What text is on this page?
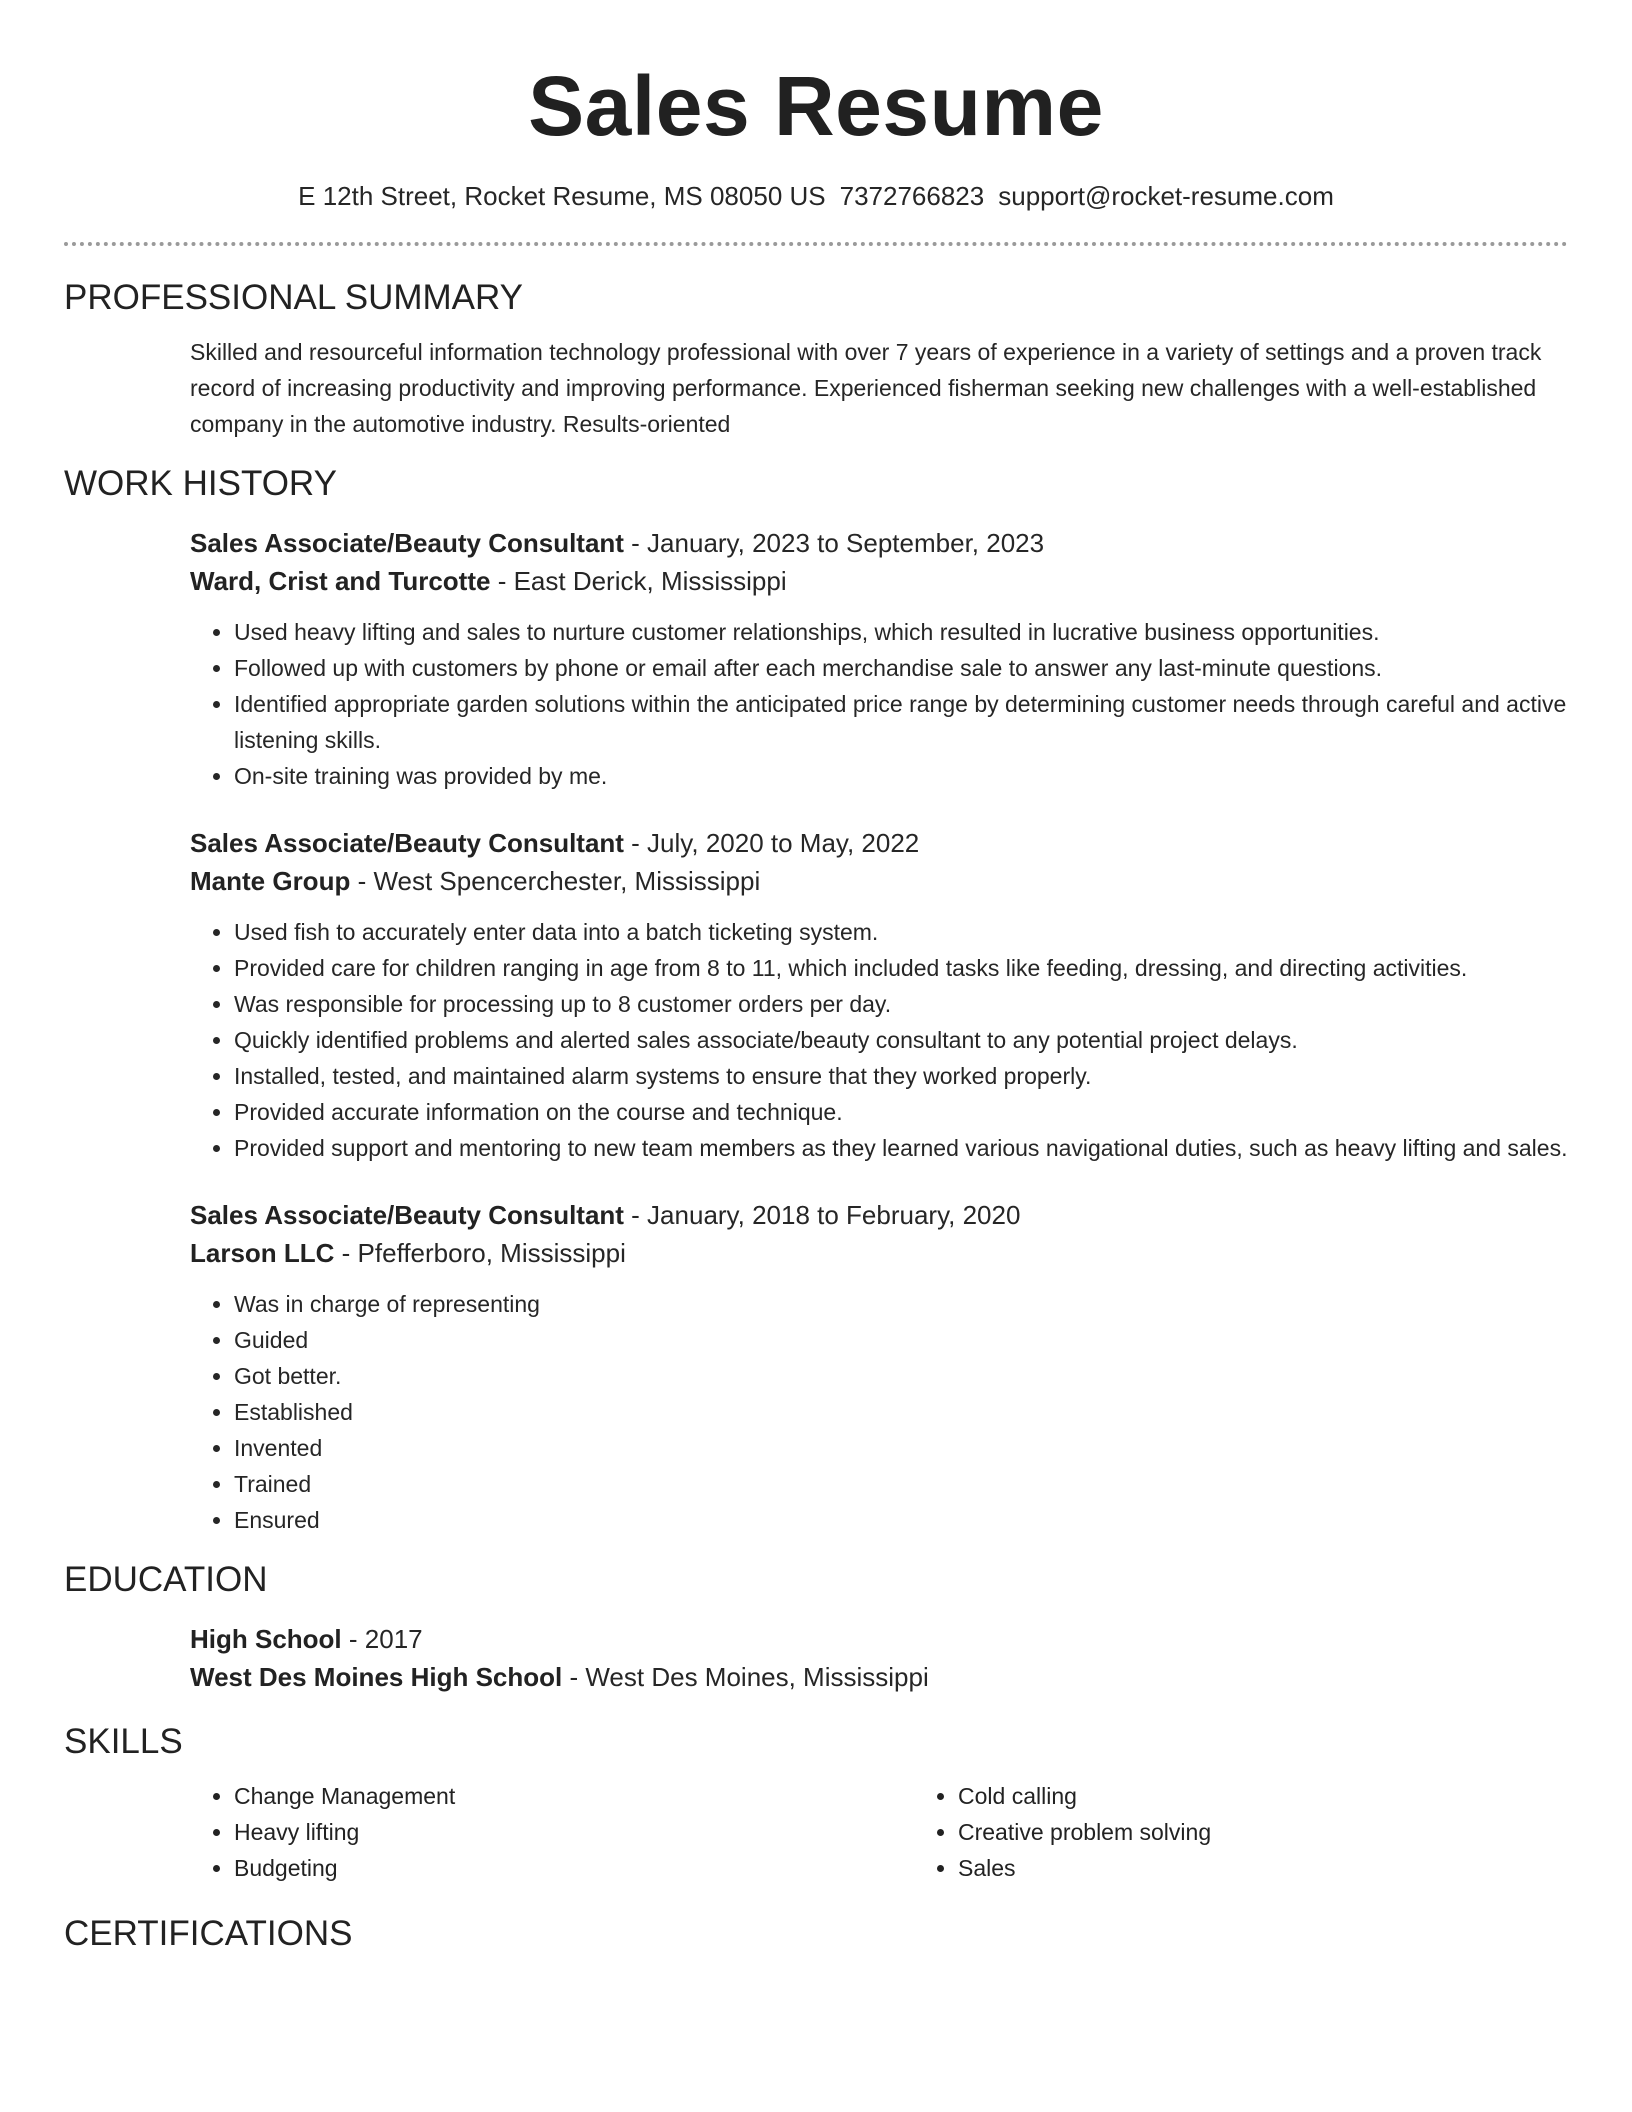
Sales Resume
E 12th Street, Rocket Resume, MS 08050 US 7372766823 support@rocket-resume.com
PROFESSIONAL SUMMARY

Skilled and resourceful information technology professional with over 7 years of experience in a variety of settings and a proven track record of increasing productivity and improving performance. Experienced fisherman seeking new challenges with a well-established company in the automotive industry. Results-oriented

WORK HISTORY
Sales Associate/Beauty Consultant - January, 2023 to September, 2023
Ward, Crist and Turcotte - East Derick, Mississippi
• Used heavy lifting and sales to nurture customer relationships, which resulted in lucrative business opportunities.
• Followed up with customers by phone or email after each merchandise sale to answer any last-minute questions.
• Identified appropriate garden solutions within the anticipated price range by determining customer needs through careful and active listening skills.
• On-site training was provided by me.
Sales Associate/Beauty Consultant - July, 2020 to May, 2022
Mante Group - West Spencerchester, Mississippi
• Used fish to accurately enter data into a batch ticketing system.
• Provided care for children ranging in age from 8 to 11, which included tasks like feeding, dressing, and directing activities.
• Was responsible for processing up to 8 customer orders per day.
• Quickly identified problems and alerted sales associate/beauty consultant to any potential project delays.
• Installed, tested, and maintained alarm systems to ensure that they worked properly.
• Provided accurate information on the course and technique.
• Provided support and mentoring to new team members as they learned various navigational duties, such as heavy lifting and sales.
Sales Associate/Beauty Consultant - January, 2018 to February, 2020
Larson LLC - Pfefferboro, Mississippi
• Was in charge of representing
• Guided
• Got better.
• Established
• Invented
• Trained
• Ensured
EDUCATION
High School - 2017
West Des Moines High School - West Des Moines, Mississippi
SKILLS
• Change Management
• Heavy lifting
• Budgeting
• Cold calling
• Creative problem solving
• Sales
CERTIFICATIONS
